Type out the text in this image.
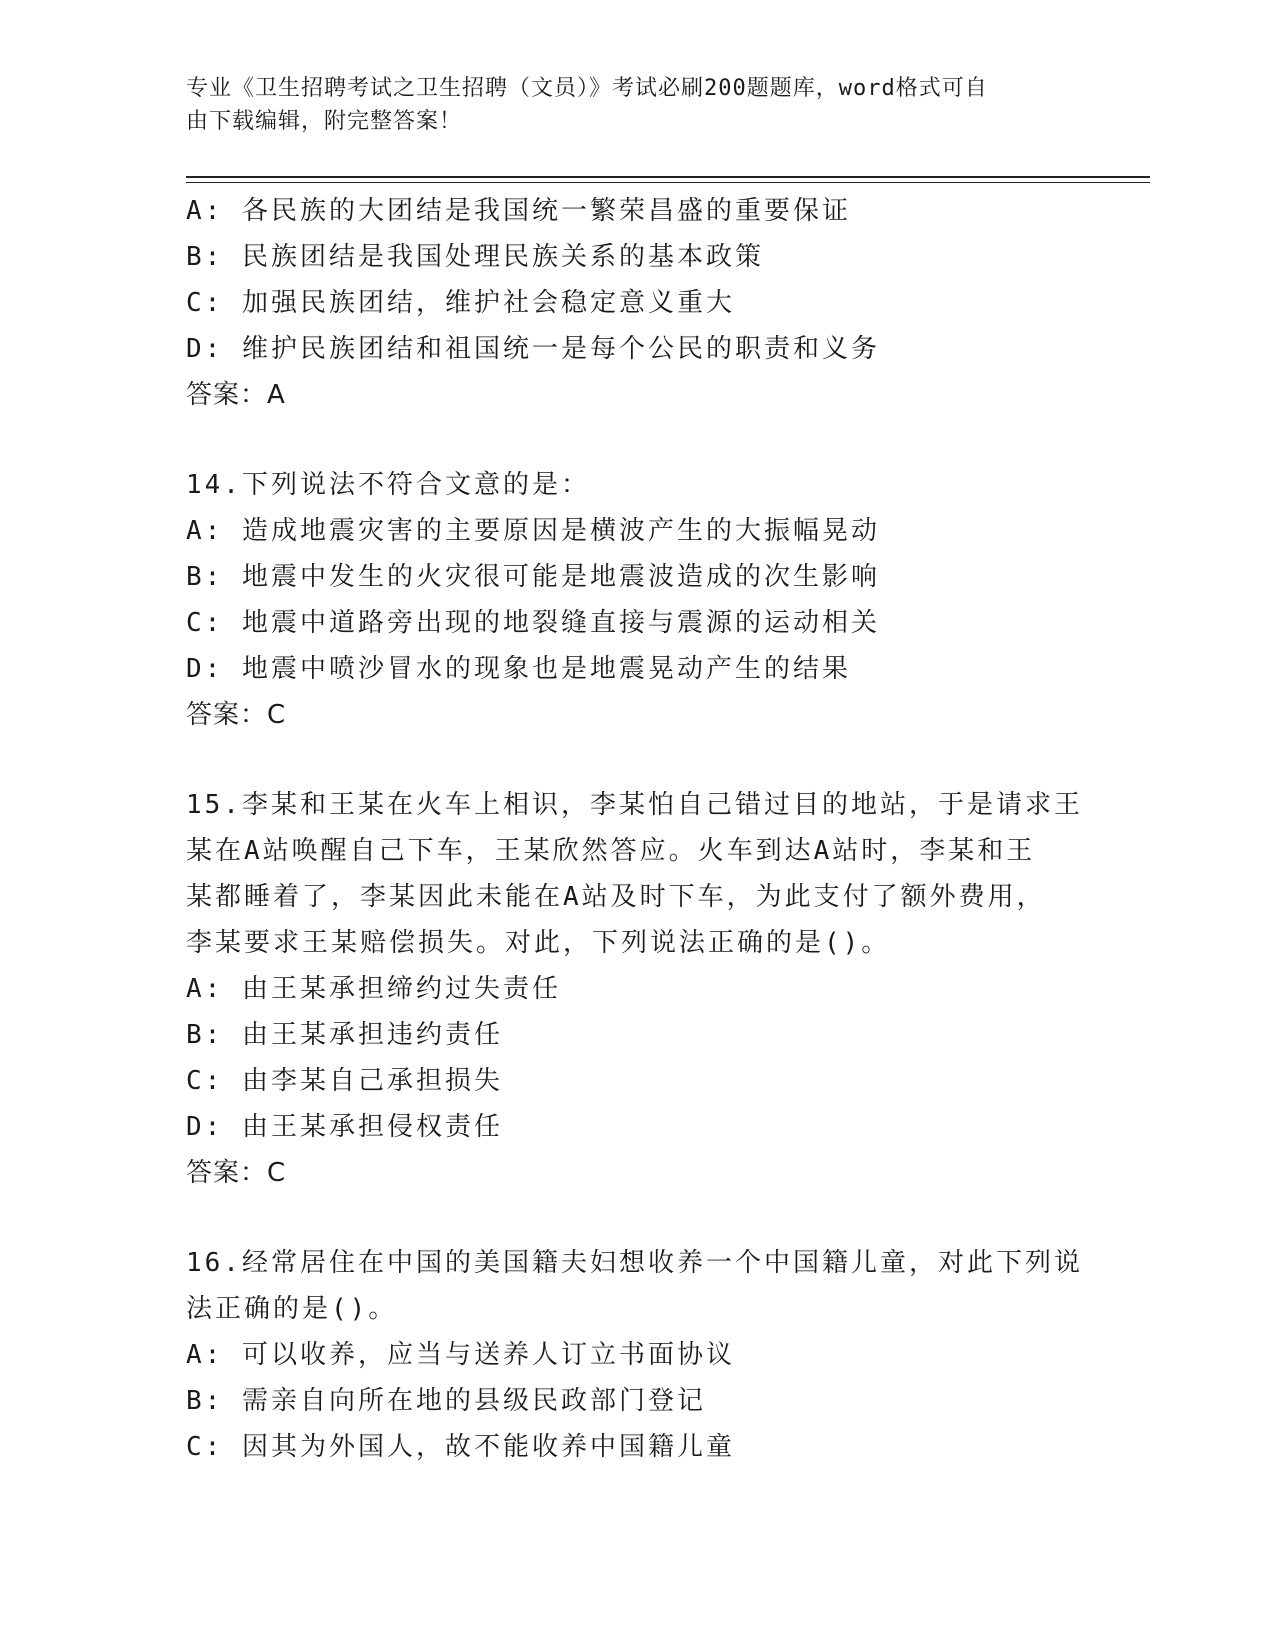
专业《卫生招聘考试之卫生招聘（文员）》考试必刷200题题库，word格式可自
由下载编辑，附完整答案！
A: 各民族的大团结是我国统一繁荣昌盛的重要保证
B: 民族团结是我国处理民族关系的基本政策
C: 加强民族团结，维护社会稳定意义重大
D: 维护民族团结和祖国统一是每个公民的职责和义务
答案：A
14.下列说法不符合文意的是：
A: 造成地震灾害的主要原因是横波产生的大振幅晃动
B: 地震中发生的火灾很可能是地震波造成的次生影响
C: 地震中道路旁出现的地裂缝直接与震源的运动相关
D: 地震中喷沙冒水的现象也是地震晃动产生的结果
答案：C
15.李某和王某在火车上相识，李某怕自己错过目的地站，于是请求王
某在A站唤醒自己下车，王某欣然答应。火车到达A站时，李某和王
某都睡着了，李某因此未能在A站及时下车，为此支付了额外费用，
李某要求王某赔偿损失。对此，下列说法正确的是()。
A: 由王某承担缔约过失责任
B: 由王某承担违约责任
C: 由李某自己承担损失
D: 由王某承担侵权责任
答案：C
16.经常居住在中国的美国籍夫妇想收养一个中国籍儿童，对此下列说
法正确的是()。
A: 可以收养，应当与送养人订立书面协议
B: 需亲自向所在地的县级民政部门登记
C: 因其为外国人，故不能收养中国籍儿童
